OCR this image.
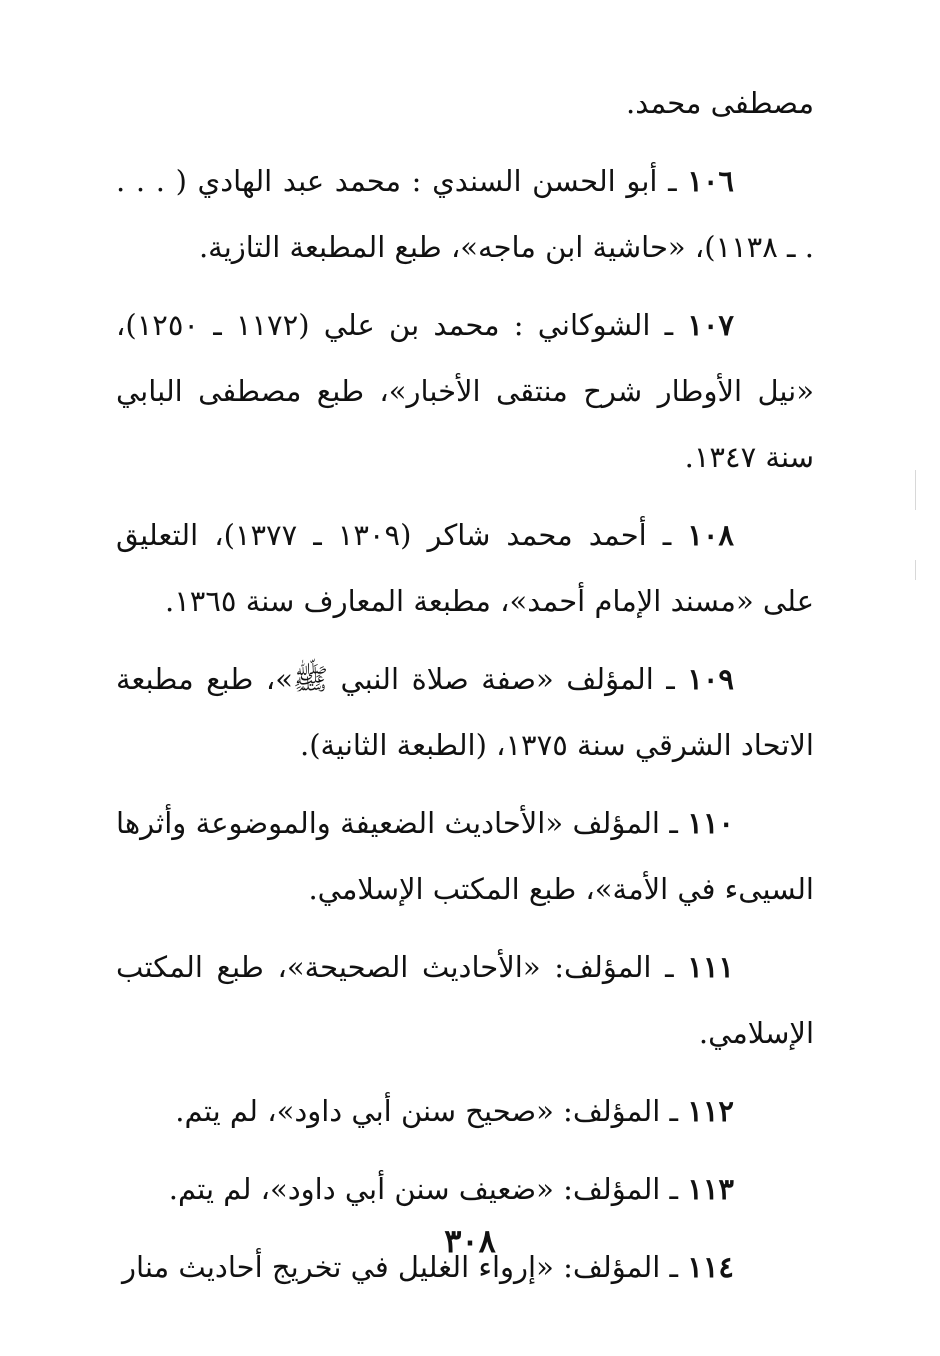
مصطفى محمد.

١٠٦ ـ أبو الحسن السندي : محمد عبد الهادي ( . . . . ـ ١١٣٨)، «حاشية ابن ماجه»، طبع المطبعة التازية.

١٠٧ ـ الشوكاني : محمد بن علي (١١٧٢ ـ ١٢٥٠)، «نيل الأوطار شرح منتقى الأخبار»، طبع مصطفى البابي سنة ١٣٤٧.

١٠٨ ـ أحمد محمد شاكر (١٣٠٩ ـ ١٣٧٧)، التعليق على «مسند الإمام أحمد»، مطبعة المعارف سنة ١٣٦٥.

١٠٩ ـ المؤلف «صفة صلاة النبي ﷺ»، طبع مطبعة الاتحاد الشرقي سنة ١٣٧٥، (الطبعة الثانية).

١١٠ ـ المؤلف «الأحاديث الضعيفة والموضوعة وأثرها السيىء في الأمة»، طبع المكتب الإسلامي.

١١١ ـ المؤلف: «الأحاديث الصحيحة»، طبع المكتب الإسلامي.

١١٢ ـ المؤلف: «صحيح سنن أبي داود»، لم يتم.

١١٣ ـ المؤلف: «ضعيف سنن أبي داود»، لم يتم.

١١٤ ـ المؤلف: «إرواء الغليل في تخريج أحاديث منار

٣٠٨
